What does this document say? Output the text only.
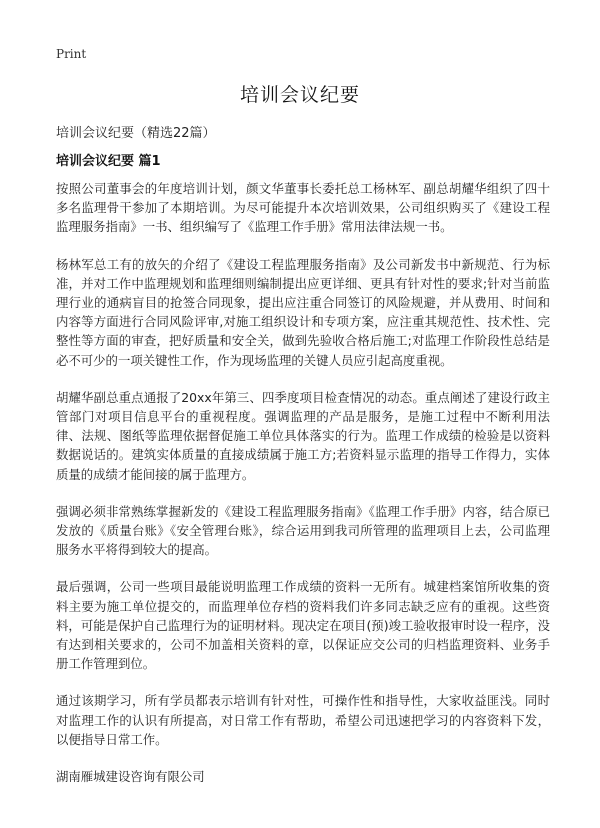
Print
培训会议纪要
培训会议纪要（精选22篇）
培训会议纪要 篇1

按照公司董事会的年度培训计划，颜文华董事长委托总工杨林军、副总胡耀华组织了四十多名监理骨干参加了本期培训。为尽可能提升本次培训效果，公司组织购买了《建设工程监理服务指南》一书、组织编写了《监理工作手册》常用法律法规一书。

杨林军总工有的放矢的介绍了《建设工程监理服务指南》及公司新发书中新规范、行为标准，并对工作中监理规划和监理细则编制提出应更详细、更具有针对性的要求;针对当前监理行业的通病盲目的抢签合同现象，提出应注重合同签订的风险规避，并从费用、时间和内容等方面进行合同风险评审,对施工组织设计和专项方案，应注重其规范性、技术性、完整性等方面的审查，把好质量和安全关，做到先验收合格后施工;对监理工作阶段性总结是必不可少的一项关键性工作，作为现场监理的关键人员应引起高度重视。

胡耀华副总重点通报了20xx年第三、四季度项目检查情况的动态。重点阐述了建设行政主管部门对项目信息平台的重视程度。强调监理的产品是服务，是施工过程中不断利用法律、法规、图纸等监理依据督促施工单位具体落实的行为。监理工作成绩的检验是以资料数据说话的。建筑实体质量的直接成绩属于施工方;若资料显示监理的指导工作得力，实体质量的成绩才能间接的属于监理方。

强调必须非常熟练掌握新发的《建设工程监理服务指南》《监理工作手册》内容，结合原已发放的《质量台账》《安全管理台账》，综合运用到我司所管理的监理项目上去，公司监理服务水平将得到较大的提高。

最后强调，公司一些项目最能说明监理工作成绩的资料一无所有。城建档案馆所收集的资料主要为施工单位提交的，而监理单位存档的资料我们许多同志缺乏应有的重视。这些资料，可能是保护自己监理行为的证明材料。现决定在项目(预)竣工验收报审时设一程序，没有达到相关要求的，公司不加盖相关资料的章，以保证应交公司的归档监理资料、业务手册工作管理到位。

通过该期学习，所有学员都表示培训有针对性，可操作性和指导性，大家收益匪浅。同时对监理工作的认识有所提高，对日常工作有帮助，希望公司迅速把学习的内容资料下发，以便指导日常工作。

湖南雁城建设咨询有限公司
